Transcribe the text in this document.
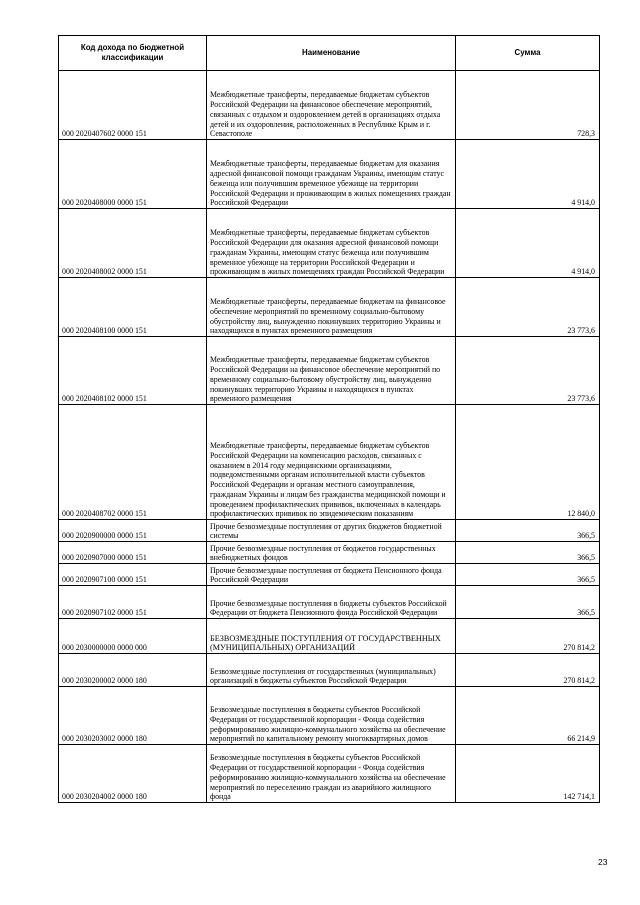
Код дохода по бюджетной классификации	Наименование	Сумма
000 2020407602 0000 151	Межбюджетные трансферты, передаваемые бюджетам субъектов Российской Федерации на финансовое обеспечение мероприятий, связанных с отдыхом и оздоровлением детей в организациях отдыха детей и их оздоровления, расположенных в Республике Крым и г. Севастополе	728,3
000 2020408000 0000 151	Межбюджетные трансферты, передаваемые бюджетам для оказания адресной финансовой помощи гражданам Украины, имеющим статус беженца или получившим временное убежище на территории Российской Федерации и проживающим в жилых помещениях граждан Российской Федерации	4 914,0
000 2020408002 0000 151	Межбюджетные трансферты, передаваемые бюджетам субъектов Российской Федерации для оказания адресной финансовой помощи гражданам Украины, имеющим статус беженца или получившим временное убежище на территории Российской Федерации и проживающим в жилых помещениях граждан Российской Федерации	4 914,0
000 2020408100 0000 151	Межбюджетные трансферты, передаваемые бюджетам на финансовое обеспечение мероприятий по временному социально-бытовому обустройству лиц, вынужденно покинувших территорию Украины и находящихся в пунктах временного размещения	23 773,6
000 2020408102 0000 151	Межбюджетные трансферты, передаваемые бюджетам субъектов Российской Федерации на финансовое обеспечение мероприятий по временному социально-бытовому обустройству лиц, вынужденно покинувших территорию Украины и находящихся в пунктах временного размещения	23 773,6
000 2020408702 0000 151	Межбюджетные трансферты, передаваемые бюджетам субъектов Российской Федерации на компенсацию расходов, связанных с оказанием в 2014 году медицинскими организациями, подведомственными органам исполнительной власти субъектов Российской Федерации и органам местного самоуправления, гражданам Украины и лицам без гражданства медицинской помощи и проведением профилактических прививок, включенных в календарь профилактических прививок по эпидемическим показаниям	12 840,0
000 2020900000 0000 151	Прочие безвозмездные поступления от других бюджетов бюджетной системы	366,5
000 2020907000 0000 151	Прочие безвозмездные поступления от бюджетов государственных внебюджетных фондов	366,5
000 2020907100 0000 151	Прочие безвозмездные поступления от бюджета Пенсионного фонда Российской Федерации	366,5
000 2020907102 0000 151	Прочие безвозмездные поступления в бюджеты субъектов Российской Федерации от бюджета Пенсионного фонда Российской Федерации	366,5
000 2030000000 0000 000	БЕЗВОЗМЕЗДНЫЕ ПОСТУПЛЕНИЯ ОТ ГОСУДАРСТВЕННЫХ (МУНИЦИПАЛЬНЫХ) ОРГАНИЗАЦИЙ	270 814,2
000 2030200002 0000 180	Безвозмездные поступления от государственных (муниципальных) организаций в бюджеты субъектов Российской Федерации	270 814,2
000 2030203002 0000 180	Безвозмездные поступления в бюджеты субъектов Российской Федерации от государственной корпорации - Фонда содействия реформированию жилищно-коммунального хозяйства на обеспечение мероприятий по капитальному ремонту многоквартирных домов	66 214,9
000 2030204002 0000 180	Безвозмездные поступления в бюджеты субъектов Российской Федерации от государственной корпорации - Фонда содействия реформированию жилищно-коммунального хозяйства на обеспечение мероприятий по переселению граждан из аварийного жилищного фонда	142 714,1
23
